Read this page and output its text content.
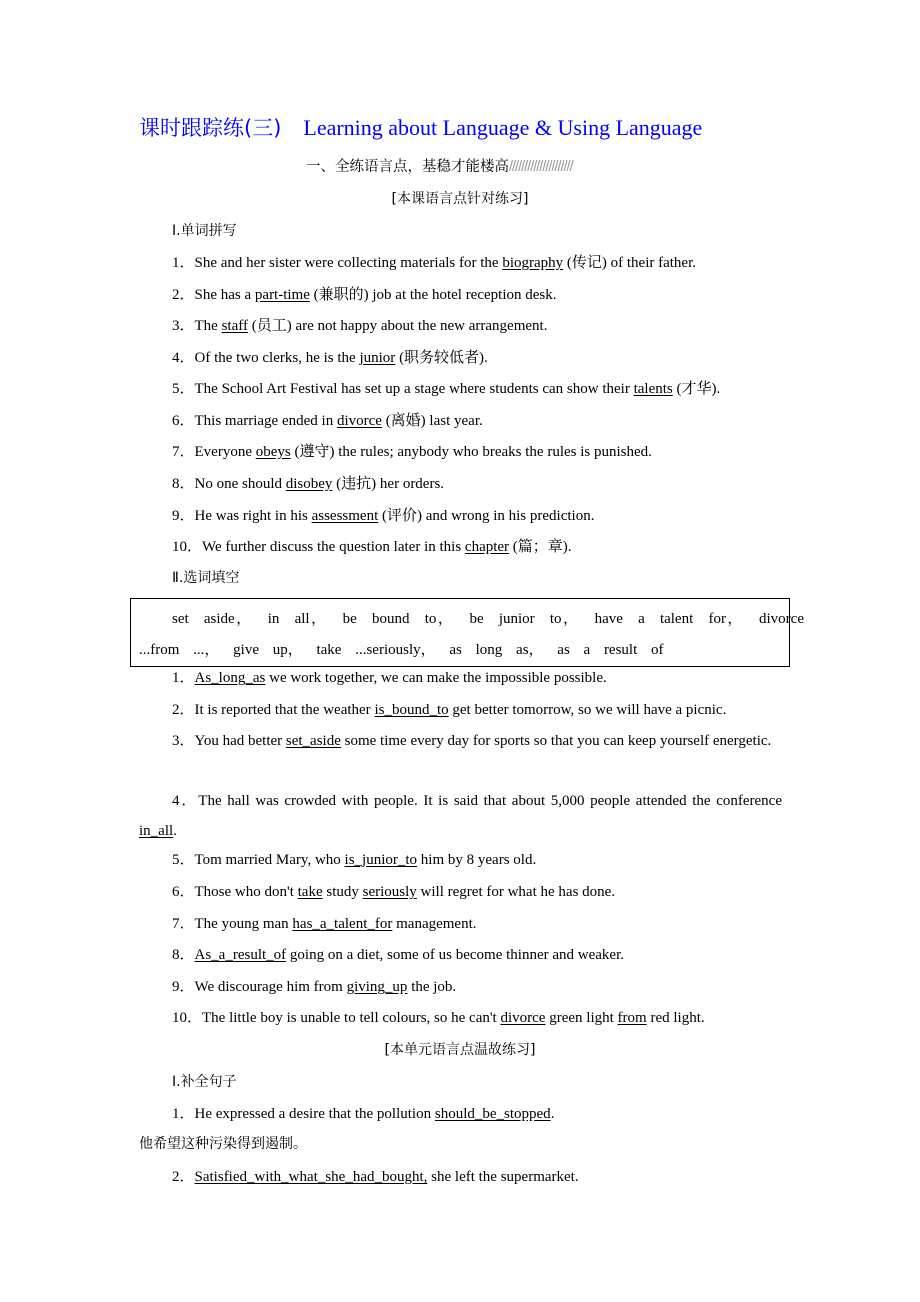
课时跟踪练(三) Learning about Language & Using Language
一、全练语言点，基稳才能楼高/////////////////////
[本课语言点针对练习]
Ⅰ.单词拼写
1．She and her sister were collecting materials for the biography (传记) of their father.
2．She has a part-time (兼职的) job at the hotel reception desk.
3．The staff (员工) are not happy about the new arrangement.
4．Of the two clerks, he is the junior (职务较低者).
5．The School Art Festival has set up a stage where students can show their talents (才华).
6．This marriage ended in divorce (离婚) last year.
7．Everyone obeys (遵守) the rules; anybody who breaks the rules is punished.
8．No one should disobey (违抗) her orders.
9．He was right in his assessment (评价) and wrong in his prediction.
10．We further discuss the question later in this chapter (篇；章).
Ⅱ.选词填空
set aside， in all， be bound to， be junior to， have a talent for， divorce ...from ...， give up， take ...seriously， as long as， as a result of
1．As_long_as we work together, we can make the impossible possible.
2．It is reported that the weather is_bound_to get better tomorrow, so we will have a picnic.
3．You had better set_aside some time every day for sports so that you can keep yourself energetic.
4．The hall was crowded with people. It is said that about 5,000 people attended the conference in_all.
5．Tom married Mary, who is_junior_to him by 8 years old.
6．Those who don't take study seriously will regret for what he has done.
7．The young man has_a_talent_for management.
8．As_a_result_of going on a diet, some of us become thinner and weaker.
9．We discourage him from giving_up the job.
10．The little boy is unable to tell colours, so he can't divorce green light from red light.
[本单元语言点温故练习]
Ⅰ.补全句子
1．He expressed a desire that the pollution should_be_stopped.
他希望这种污染得到遏制。
2．Satisfied_with_what_she_had_bought, she left the supermarket.
